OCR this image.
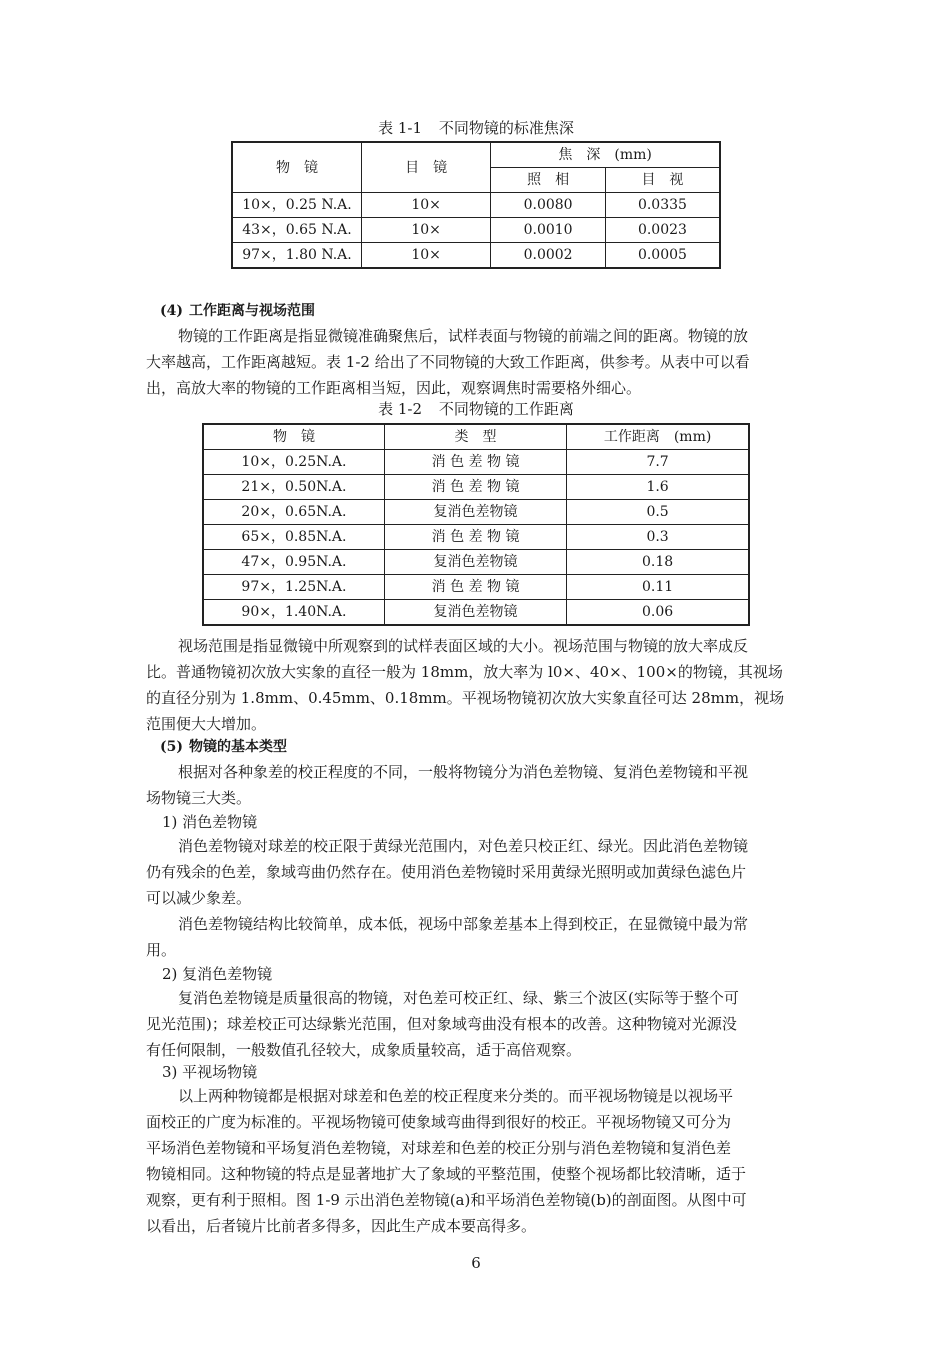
表 1-1 不同物镜的标准焦深
物　镜	目　镜	焦　深　(mm)	
		照　相	目　视
10×，0.25 N.A.	10×	0.0080	0.0335
43×，0.65 N.A.	10×	0.0010	0.0023
97×，1.80 N.A.	10×	0.0002	0.0005
(4) 工作距离与视场范围
物镜的工作距离是指显微镜准确聚焦后，试样表面与物镜的前端之间的距离。物镜的放
大率越高，工作距离越短。表 1-2 给出了不同物镜的大致工作距离，供参考。从表中可以看
出，高放大率的物镜的工作距离相当短，因此，观察调焦时需要格外细心。
表 1-2 不同物镜的工作距离
物　镜	类　型	工作距离　(mm)
10×，0.25N.A.	消 色 差 物 镜	7.7
21×，0.50N.A.	消 色 差 物 镜	1.6
20×，0.65N.A.	复消色差物镜	0.5
65×，0.85N.A.	消 色 差 物 镜	0.3
47×，0.95N.A.	复消色差物镜	0.18
97×，1.25N.A.	消 色 差 物 镜	0.11
90×，1.40N.A.	复消色差物镜	0.06
视场范围是指显微镜中所观察到的试样表面区域的大小。视场范围与物镜的放大率成反
比。普通物镜初次放大实象的直径一般为 18mm，放大率为 l0×、40×、100×的物镜，其视场
的直径分别为 1.8mm、0.45mm、0.18mm。平视场物镜初次放大实象直径可达 28mm，视场
范围便大大增加。
(5) 物镜的基本类型
根据对各种象差的校正程度的不同，一般将物镜分为消色差物镜、复消色差物镜和平视
场物镜三大类。
1) 消色差物镜
消色差物镜对球差的校正限于黄绿光范围内，对色差只校正红、绿光。因此消色差物镜
仍有残余的色差，象域弯曲仍然存在。使用消色差物镜时采用黄绿光照明或加黄绿色滤色片
可以减少象差。
消色差物镜结构比较简单，成本低，视场中部象差基本上得到校正，在显微镜中最为常
用。
2) 复消色差物镜
复消色差物镜是质量很高的物镜，对色差可校正红、绿、紫三个波区(实际等于整个可
见光范围)；球差校正可达绿紫光范围，但对象域弯曲没有根本的改善。这种物镜对光源没
有任何限制，一般数值孔径较大，成象质量较高，适于高倍观察。
3) 平视场物镜
以上两种物镜都是根据对球差和色差的校正程度来分类的。而平视场物镜是以视场平
面校正的广度为标准的。平视场物镜可使象域弯曲得到很好的校正。平视场物镜又可分为
平场消色差物镜和平场复消色差物镜，对球差和色差的校正分别与消色差物镜和复消色差
物镜相同。这种物镜的特点是显著地扩大了象域的平整范围，使整个视场都比较清晰，适于
观察，更有利于照相。图 1-9 示出消色差物镜(a)和平场消色差物镜(b)的剖面图。从图中可
以看出，后者镜片比前者多得多，因此生产成本要高得多。
6
